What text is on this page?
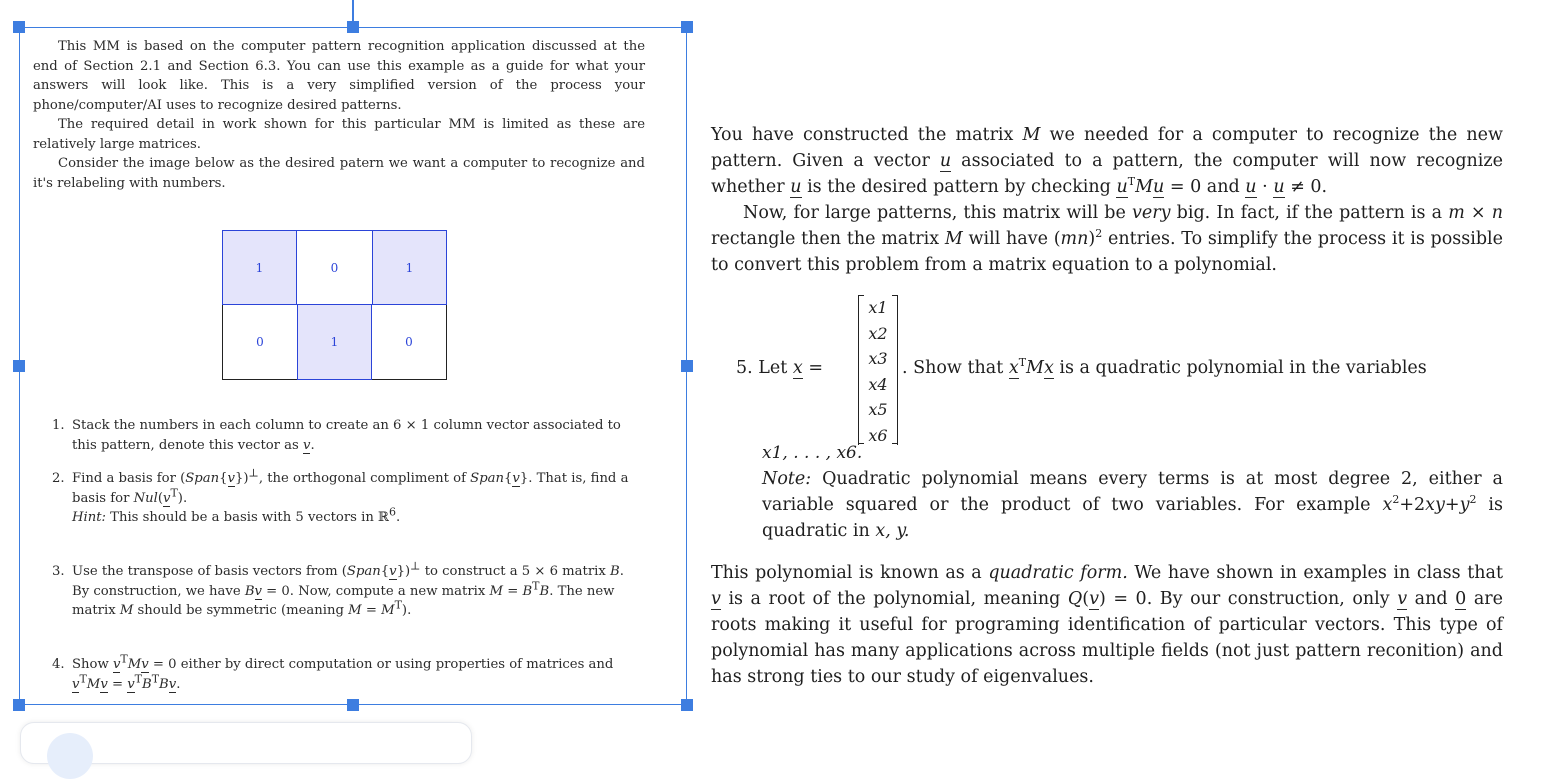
This MM is based on the computer pattern recognition application discussed at the end of Section 2.1 and Section 6.3. You can use this example as a guide for what your answers will look like. This is a very simplified version of the process your phone/computer/AI uses to recognize desired patterns.

The required detail in work shown for this particular MM is limited as these are relatively large matrices.

Consider the image below as the desired patern we want a computer to recognize and it's relabeling with numbers.

1	0	1
0	1	0
1. Stack the numbers in each column to create an 6 × 1 column vector associated to this pattern, denote this vector as v.
2. Find a basis for (Span{v})⊥, the orthogonal compliment of Span{v}. That is, find a basis for $Nul(v^T)$.
Hint: This should be a basis with 5 vectors in ℝ$^6$.
3. Use the transpose of basis vectors from (Span{v})⊥ to construct a 5 × 6 matrix B. By construction, we have Bv = 0. Now, compute a new matrix $M = B^TB$. The new matrix M should be symmetric (meaning $M = M^T$).
4. Show $v^TMv = 0$ either by direct computation or using properties of matrices and
$v^TMv = v^TB^TBv$.

You have constructed the matrix M we needed for a computer to recognize the new pattern. Given a vector u associated to a pattern, the computer will now recognize whether u is the desired pattern by checking $u^TMu = 0$ and u · u ≠ 0.

Now, for large patterns, this matrix will be very big. In fact, if the pattern is a m × n rectangle then the matrix M will have (mn)$^2$ entries. To simplify the process it is possible to convert this problem from a matrix equation to a polynomial.

5. Let x =
x1
x2
x3
x4
x5
x6
. Show that $x^TMx$ is a quadratic polynomial in the variables
x1, . . . , x6.
Note: Quadratic polynomial means every terms is at most degree 2, either a variable squared or the product of two variables. For example $x^2+2xy+y^2$ is quadratic in x, y.
This polynomial is known as a quadratic form. We have shown in examples in class that v is a root of the polynomial, meaning Q(v) = 0. By our construction, only v and 0 are roots making it useful for programing identification of particular vectors. This type of polynomial has many applications across multiple fields (not just pattern reconition) and has strong ties to our study of eigenvalues.
